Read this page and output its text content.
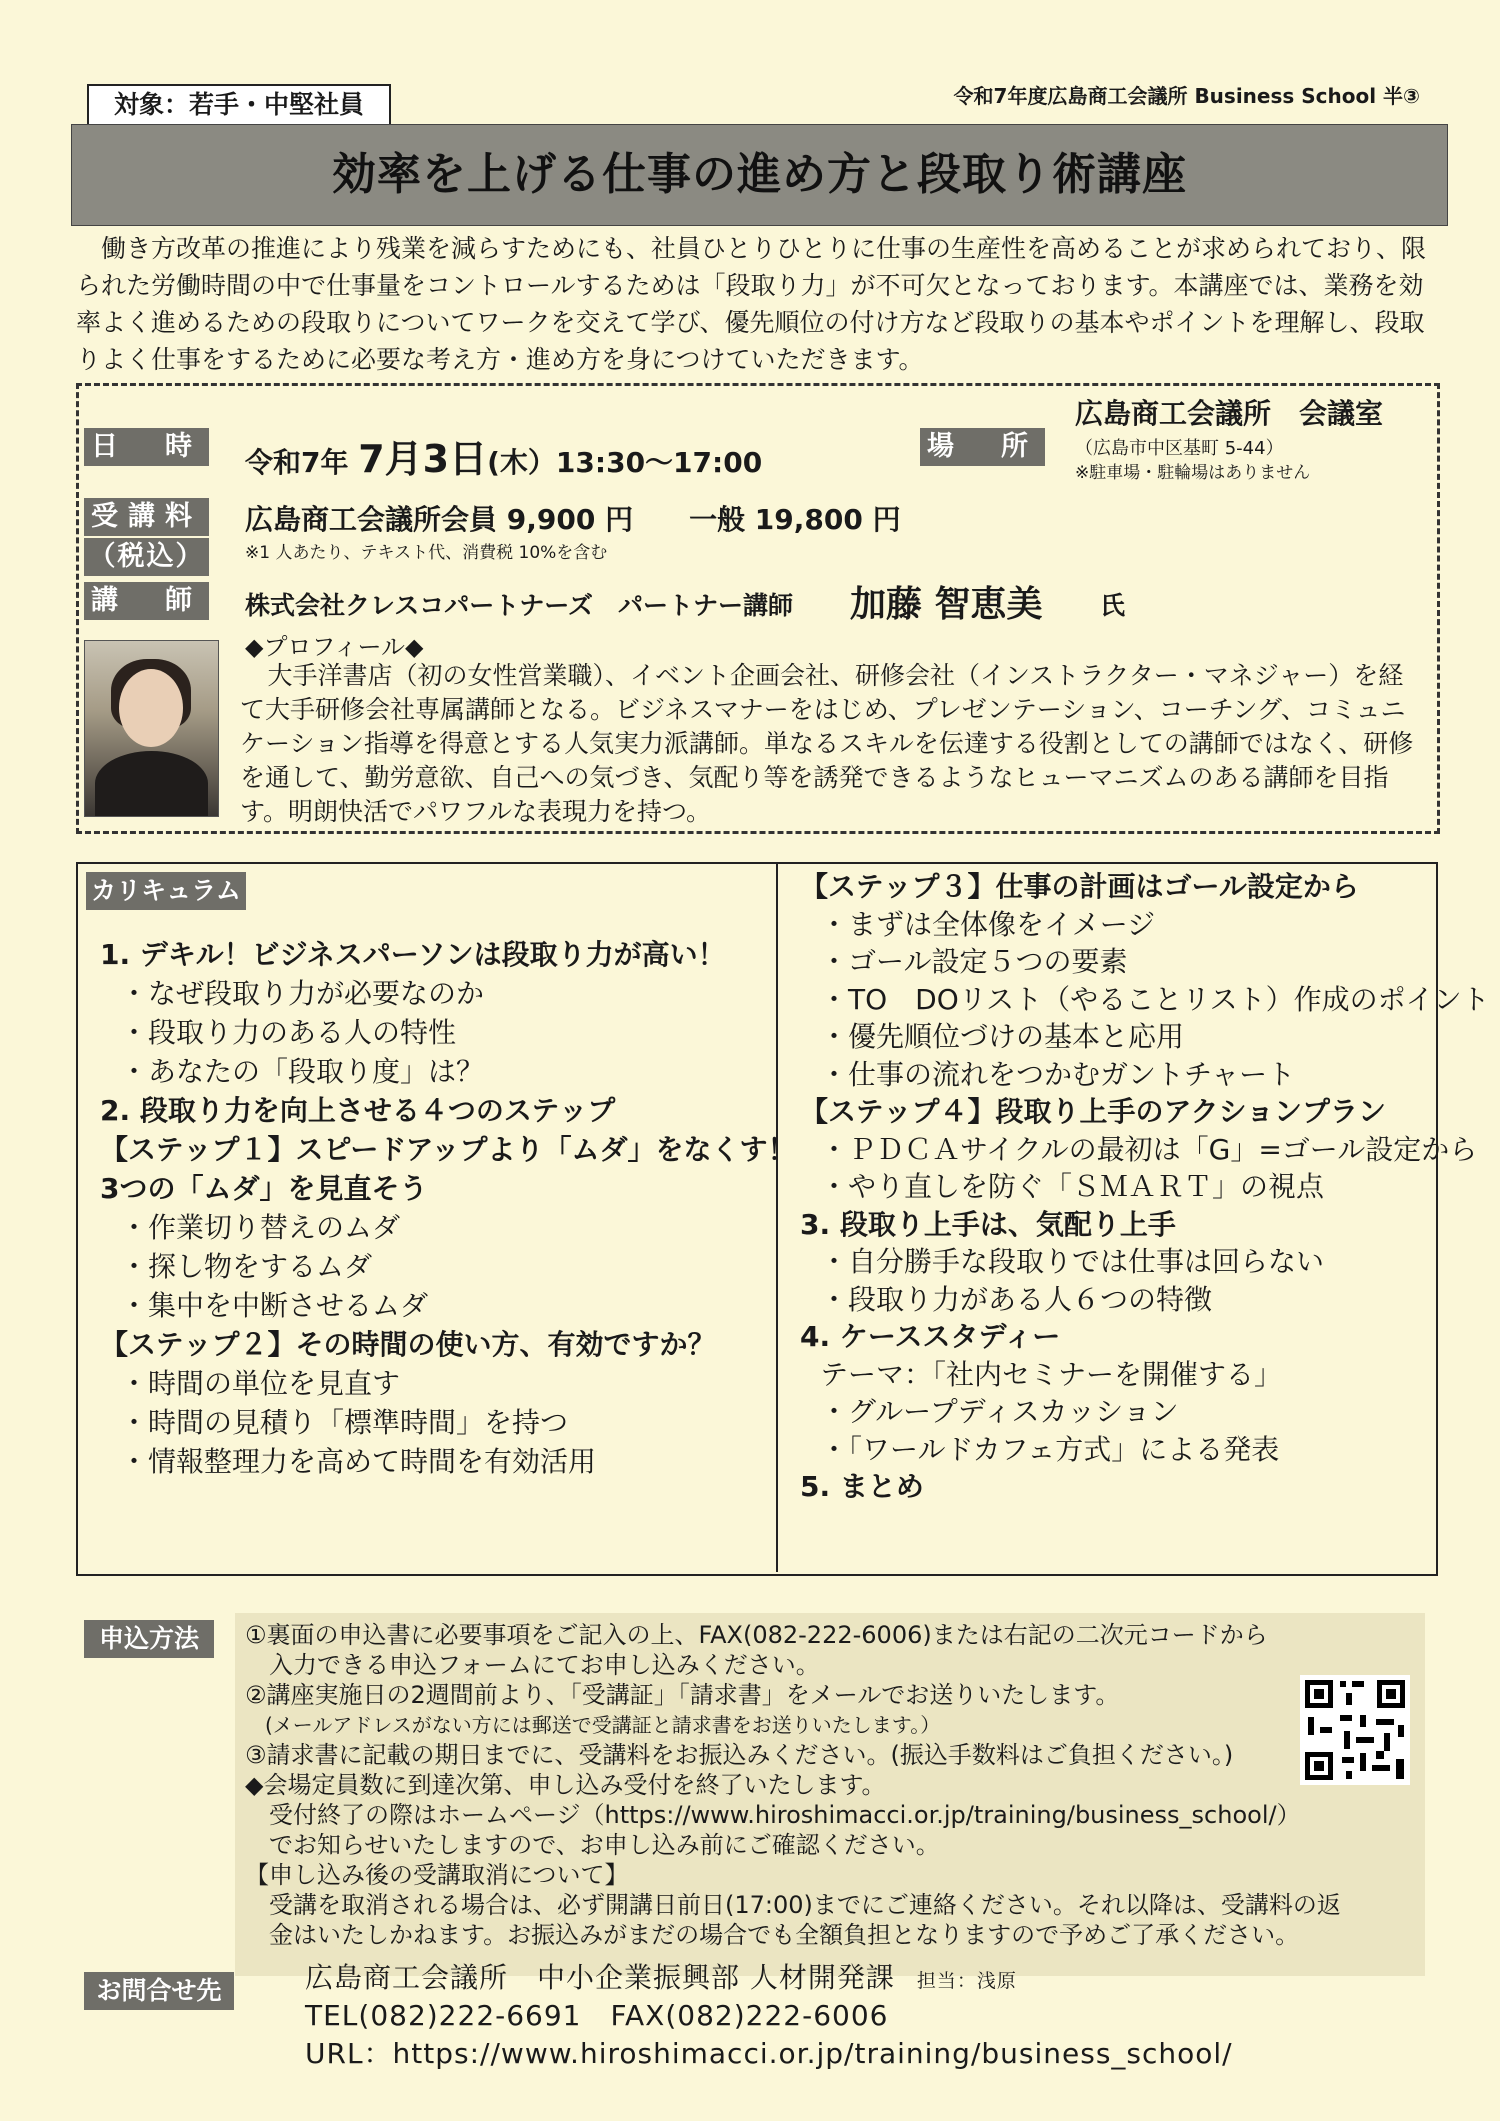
対象：若手・中堅社員	令和7年度広島商工会議所 Business School 半③
効率を上げる仕事の進め方と段取り術講座
働き方改革の推進により残業を減らすためにも、社員ひとりひとりに仕事の生産性を高めることが求められており、限られた労働時間の中で仕事量をコントロールするためは「段取り力」が不可欠となっております。本講座では、業務を効率よく進めるための段取りについてワークを交えて学び、優先順位の付け方など段取りの基本やポイントを理解し、段取りよく仕事をするために必要な考え方・進め方を身につけていただきます。
日　時 令和7年 7月3日(木）13:30〜17:00	場　所
広島商工会議所　会議室
（広島市中区基町 5-44）
※駐車場・駐輪場はありません
受講料
（税込）
広島商工会議所会員 9,900 円　　一般 19,800 円
※1 人あたり、テキスト代、消費税 10%を含む
講　師 株式会社クレスコパートナーズ　パートナー講師 加藤 智恵美 氏
◆プロフィール◆
大手洋書店（初の女性営業職）、イベント企画会社、研修会社（インストラクター・マネジャー）を経て大手研修会社専属講師となる。ビジネスマナーをはじめ、プレゼンテーション、コーチング、コミュニケーション指導を得意とする人気実力派講師。単なるスキルを伝達する役割としての講師ではなく、研修を通して、勤労意欲、自己への気づき、気配り等を誘発できるようなヒューマニズムのある講師を目指す。明朗快活でパワフルな表現力を持つ。
カリキュラム
1. デキル！ビジネスパーソンは段取り力が高い！
・なぜ段取り力が必要なのか
・段取り力のある人の特性
・あなたの「段取り度」は？
2. 段取り力を向上させる４つのステップ
【ステップ１】スピードアップより「ムダ」をなくす！
3つの「ムダ」を見直そう
・作業切り替えのムダ
・探し物をするムダ
・集中を中断させるムダ
【ステップ２】その時間の使い方、有効ですか？
・時間の単位を見直す
・時間の見積り「標準時間」を持つ
・情報整理力を高めて時間を有効活用
【ステップ３】仕事の計画はゴール設定から
・まずは全体像をイメージ
・ゴール設定５つの要素
・TO　DOリスト（やることリスト）作成のポイント
・優先順位づけの基本と応用
・仕事の流れをつかむガントチャート
【ステップ４】段取り上手のアクションプラン
・ＰＤＣＡサイクルの最初は「G」=ゴール設定から
・やり直しを防ぐ「ＳＭＡＲＴ」の視点
3. 段取り上手は、気配り上手
・自分勝手な段取りでは仕事は回らない
・段取り力がある人６つの特徴
4. ケーススタディー
テーマ：「社内セミナーを開催する」
・グループディスカッション
・「ワールドカフェ方式」による発表
5. まとめ
申込方法	①裏面の申込書に必要事項をご記入の上、FAX(082-222-6006)または右記の二次元コードから
　入力できる申込フォームにてお申し込みください。
②講座実施日の2週間前より、「受講証」「請求書」をメールでお送りいたします。
　(メールアドレスがない方には郵送で受講証と請求書をお送りいたします。）
③請求書に記載の期日までに、受講料をお振込みください。(振込手数料はご負担ください。)
◆会場定員数に到達次第、申し込み受付を終了いたします。
　受付終了の際はホームページ（https://www.hiroshimacci.or.jp/training/business_school/）
　でお知らせいたしますので、お申し込み前にご確認ください。
【申し込み後の受講取消について】
　受講を取消される場合は、必ず開講日前日(17:00)までにご連絡ください。それ以降は、受講料の返
　金はいたしかねます。お振込みがまだの場合でも全額負担となりますので予めご了承ください。
お問合せ先	広島商工会議所　中小企業振興部 人材開発課 担当：浅原
TEL(082)222-6691　FAX(082)222-6006
URL：https://www.hiroshimacci.or.jp/training/business_school/
